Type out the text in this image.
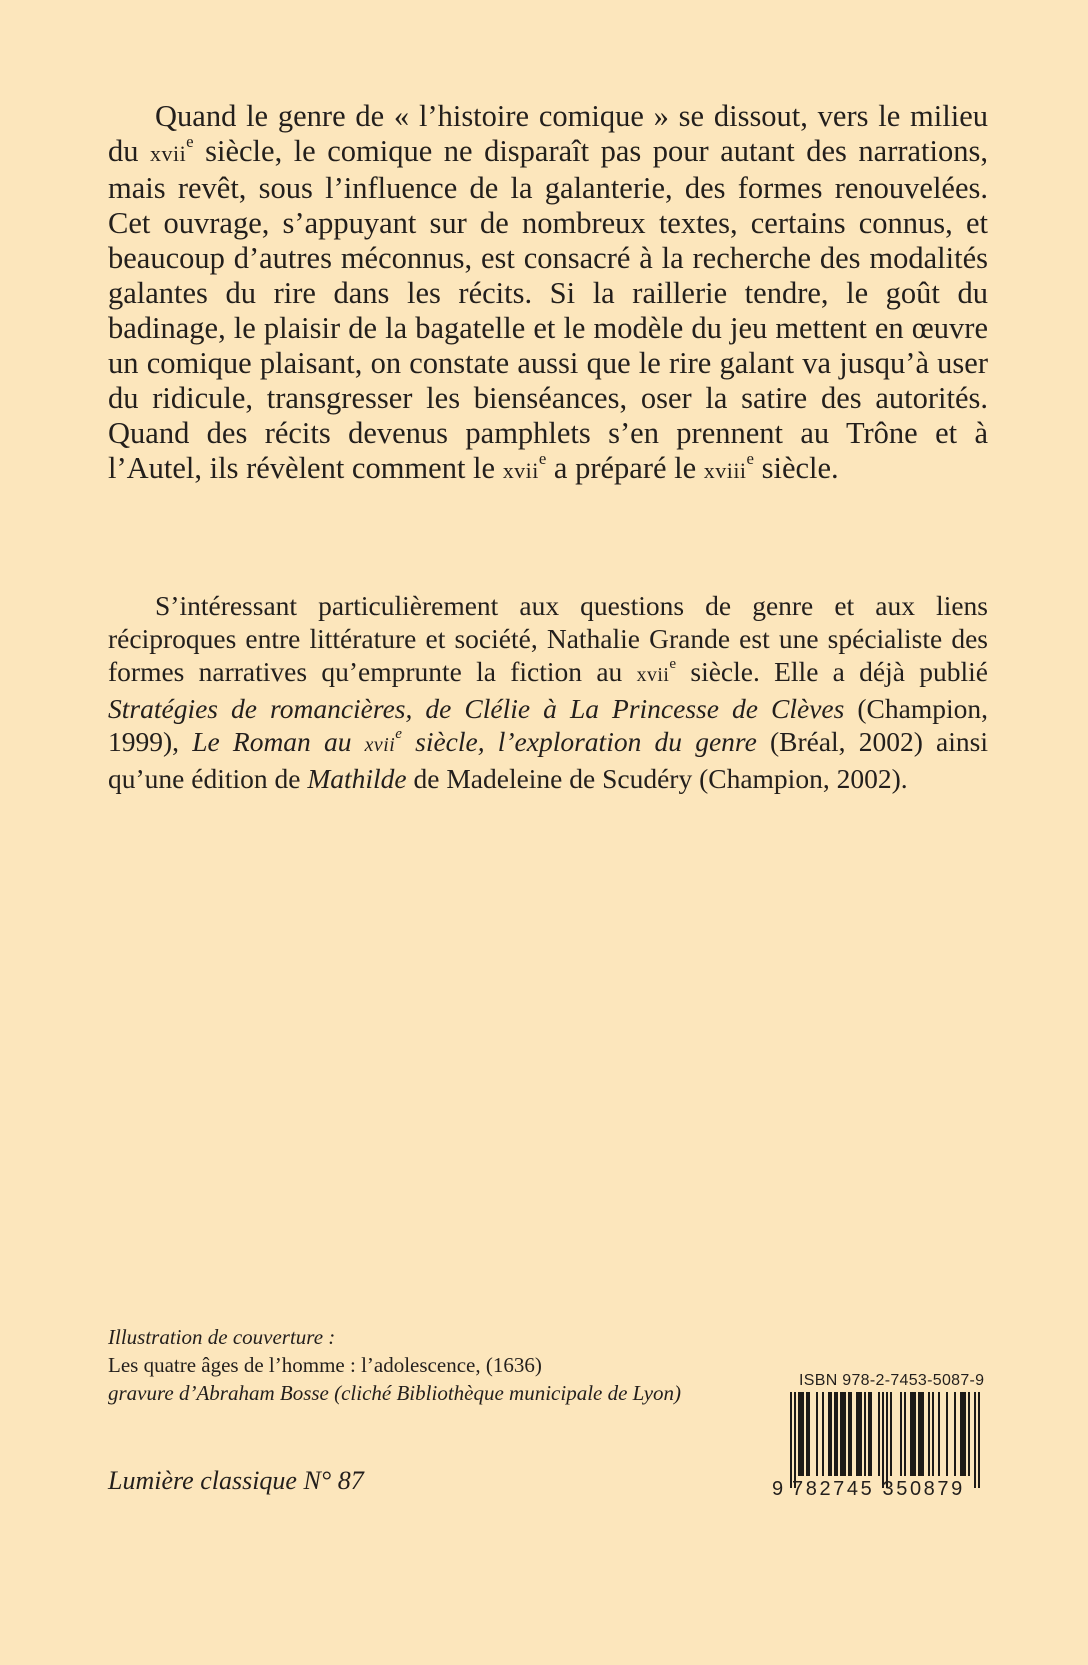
Quand le genre de « l’histoire comique » se dissout, vers le milieu du xvii$^e$ siècle, le comique ne disparaît pas pour autant des narrations, mais revêt, sous l’influence de la galanterie, des formes renouvelées. Cet ouvrage, s’appuyant sur de nombreux textes, certains connus, et beaucoup d’autres méconnus, est consacré à la recherche des modalités galantes du rire dans les récits. Si la raillerie tendre, le goût du badinage, le plaisir de la bagatelle et le modèle du jeu mettent en œuvre un comique plaisant, on constate aussi que le rire galant va jusqu’à user du ridicule, transgresser les bienséances, oser la satire des autorités. Quand des récits devenus pamphlets s’en prennent au Trône et à l’Autel, ils révèlent comment le xvii$^e$ a préparé le xviii$^e$ siècle.

S’intéressant particulièrement aux questions de genre et aux liens réciproques entre littérature et société, Nathalie Grande est une spécialiste des formes narratives qu’emprunte la fiction au xvii$^e$ siècle. Elle a déjà publié Stratégies de romancières, de Clélie à La Princesse de Clèves (Champion, 1999), Le Roman au xvii$^e$ siècle, l’exploration du genre (Bréal, 2002) ainsi qu’une édition de Mathilde de Madeleine de Scudéry (Champion, 2002).

Illustration de couverture :
Les quatre âges de l’homme : l’adolescence, (1636)
gravure d’Abraham Bosse (cliché Bibliothèque municipale de Lyon)
Lumière classique N° 87
ISBN 978-2-7453-5087-9
9 782745 350879
